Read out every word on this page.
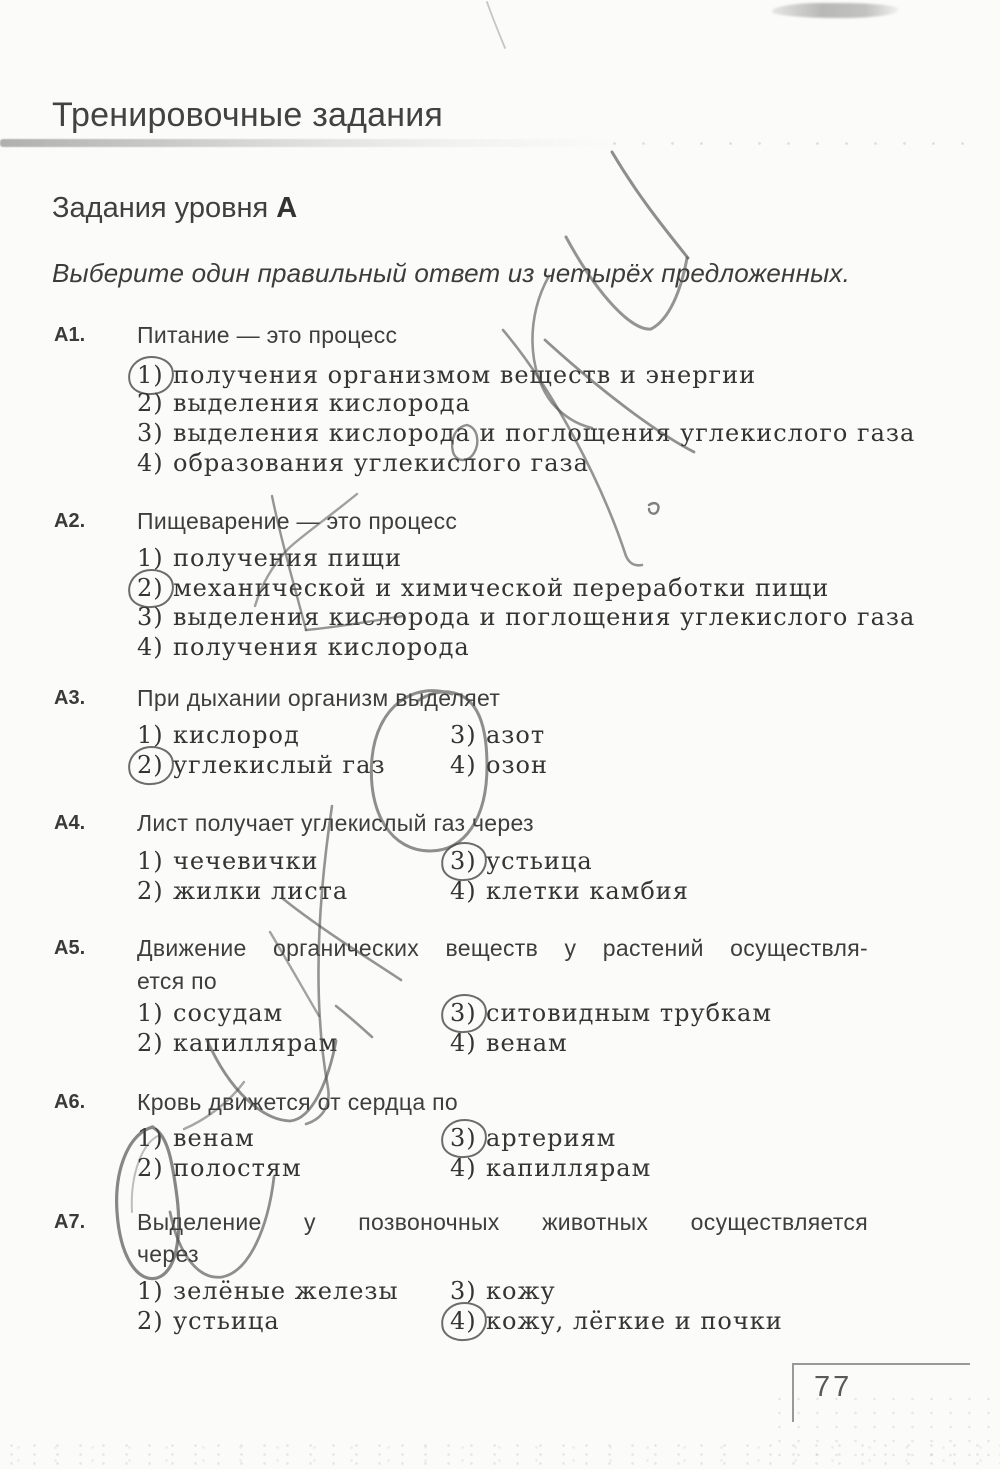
Тренировочные задания
Задания уровня А
Выберите один правильный ответ из четырёх предложенных.
А1. Питание — это процесс
1) получения организмом веществ и энергии
2) выделения кислорода
3) выделения кислорода и поглощения углекислого газа
4) образования углекислого газа
А2. Пищеварение — это процесс
1) получения пищи
2) механической и химической переработки пищи
3) выделения кислорода и поглощения углекислого газа
4) получения кислорода
А3. При дыхании организм выделяет
1) кислород	3) азот
2) углекислый газ	4) озон
А4. Лист получает углекислый газ через
1) чечевички	3) устьица
2) жилки листа	4) клетки камбия
А5. Движение органических веществ у растений осуществля-
ется по
1) сосудам	3) ситовидным трубкам
2) капиллярам	4) венам
А6. Кровь движется от сердца по
1) венам	3) артериям
2) полостям	4) капиллярам
А7. Выделение у позвоночных животных осуществляется
через
1) зелёные железы 3) кожу
2) устьица	4) кожу, лёгкие и почки
77
